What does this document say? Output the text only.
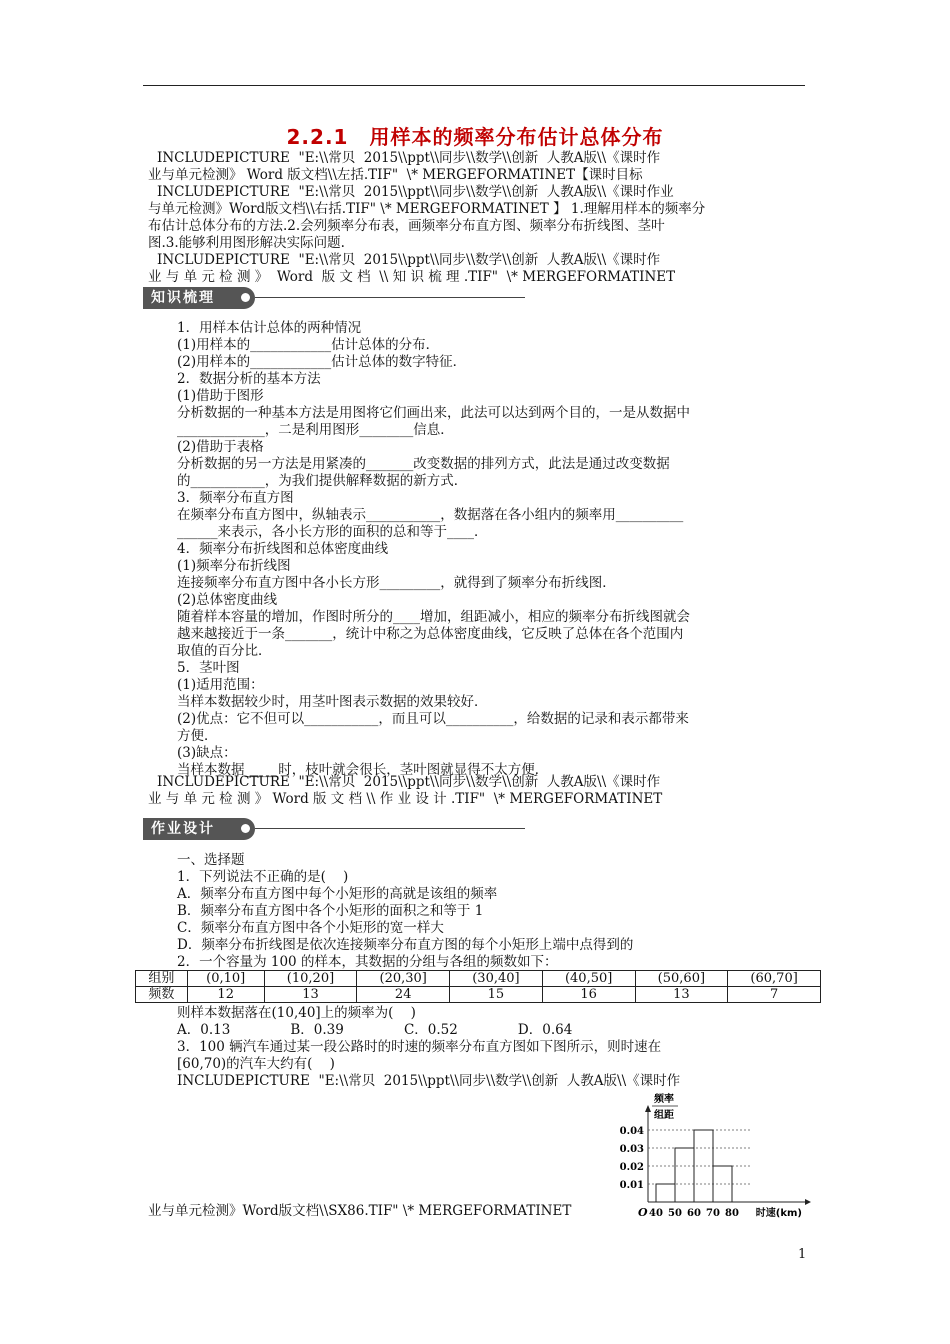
2.2.1　用样本的频率分布估计总体分布
INCLUDEPICTURE  "E:\\常贝  2015\\ppt\\同步\\数学\\创新  人教A版\\《课时作
业与单元检测》 Word 版文档\\左括.TIF"  \* MERGEFORMATINET【课时目标
INCLUDEPICTURE  "E:\\常贝  2015\\ppt\\同步\\数学\\创新  人教A版\\《课时作业
与单元检测》Word版文档\\右括.TIF" \* MERGEFORMATINET 】 1.理解用样本的频率分
布估计总体分布的方法.2.会列频率分布表，画频率分布直方图、频率分布折线图、茎叶
图.3.能够利用图形解决实际问题.
INCLUDEPICTURE  "E:\\常贝  2015\\ppt\\同步\\数学\\创新  人教A版\\《课时作
业 与 单 元 检 测 》  Word  版 文 档  \\ 知 识 梳 理 .TIF"  \* MERGEFORMATINET
知识梳理
1．用样本估计总体的两种情况
(1)用样本的____________估计总体的分布．
(2)用样本的____________估计总体的数字特征．
2．数据分析的基本方法
(1)借助于图形
分析数据的一种基本方法是用图将它们画出来，此法可以达到两个目的，一是从数据中
_____________，二是利用图形________信息．
(2)借助于表格
分析数据的另一方法是用紧凑的_______改变数据的排列方式，此法是通过改变数据
的___________，为我们提供解释数据的新方式．
3．频率分布直方图
在频率分布直方图中，纵轴表示___________，数据落在各小组内的频率用__________
______来表示，各小长方形的面积的总和等于____．
4．频率分布折线图和总体密度曲线
(1)频率分布折线图
连接频率分布直方图中各小长方形_________，就得到了频率分布折线图．
(2)总体密度曲线
随着样本容量的增加，作图时所分的____增加，组距减小，相应的频率分布折线图就会
越来越接近于一条_______，统计中称之为总体密度曲线，它反映了总体在各个范围内
取值的百分比．
5．茎叶图
(1)适用范围：
当样本数据较少时，用茎叶图表示数据的效果较好．
(2)优点：它不但可以___________，而且可以__________，给数据的记录和表示都带来
方便．
(3)缺点：
当样本数据_____时，枝叶就会很长，茎叶图就显得不太方便．
INCLUDEPICTURE  "E:\\常贝  2015\\ppt\\同步\\数学\\创新  人教A版\\《课时作
业 与 单 元 检 测 》 Word 版 文 档 \\ 作 业 设 计 .TIF"  \* MERGEFORMATINET
作业设计
一、选择题
1．下列说法不正确的是(    )
A．频率分布直方图中每个小矩形的高就是该组的频率
B．频率分布直方图中各个小矩形的面积之和等于 1
C．频率分布直方图中各个小矩形的宽一样大
D．频率分布折线图是依次连接频率分布直方图的每个小矩形上端中点得到的
2．一个容量为 100 的样本，其数据的分组与各组的频数如下：
组别	(0,10]	(10,20]	(20,30]	(30,40]	(40,50]	(50,60]	(60,70]
频数	12	13	24	15	16	13	7
则样本数据落在(10,40]上的频率为(    )
A．0.13              B．0.39              C．0.52              D．0.64
3．100 辆汽车通过某一段公路时的时速的频率分布直方图如下图所示，则时速在
[60,70)的汽车大约有(    )
INCLUDEPICTURE  "E:\\常贝  2015\\ppt\\同步\\数学\\创新  人教A版\\《课时作
业与单元检测》Word版文档\\SX86.TIF" \* MERGEFORMATINET
0.04
0.03
0.02
0.01
40 50 60 70 80
O	时速(km)
频率
组距
1
